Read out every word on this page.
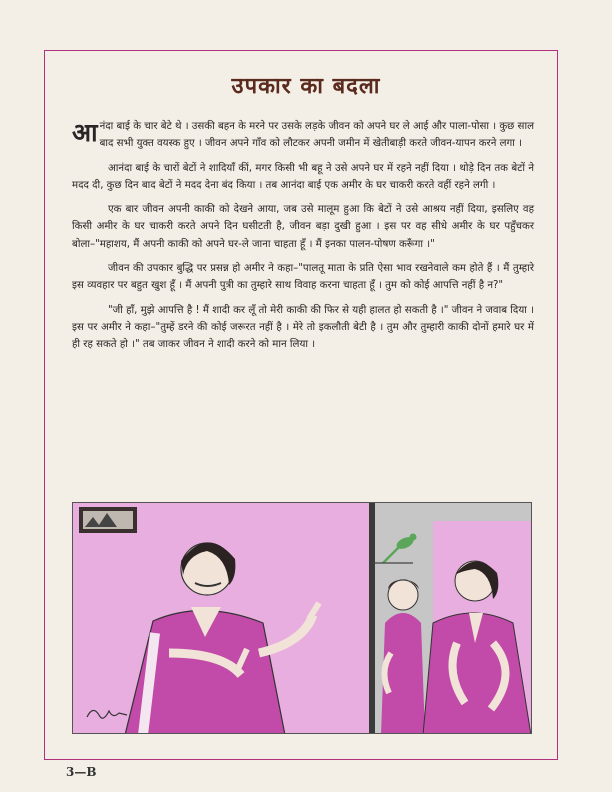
उपकार का बदला

आनंदा बाई के चार बेटे थे । उसकी बहन के मरने पर उसके लड़के जीवन को अपने घर ले आई और पाला-पोसा । कुछ साल बाद सभी युक्त वयस्क हुए । जीवन अपने गाँव को लौटकर अपनी जमीन में खेतीबाड़ी करते जीवन-यापन करने लगा ।

आनंदा बाई के चारों बेटों ने शादियाँ कीं, मगर किसी भी बहू ने उसे अपने घर में रहने नहीं दिया । थोड़े दिन तक बेटों ने मदद दी, कुछ दिन बाद बेटों ने मदद देना बंद किया । तब आनंदा बाई एक अमीर के घर चाकरी करते वहीं रहने लगी ।

एक बार जीवन अपनी काकी को देखने आया, जब उसे मालूम हुआ कि बेटों ने उसे आश्रय नहीं दिया, इसलिए वह किसी अमीर के घर चाकरी करते अपने दिन घसीटती है, जीवन बड़ा दुखी हुआ । इस पर वह सीधे अमीर के घर पहुँचकर बोला–"महाशय, मैं अपनी काकी को अपने घर-ले जाना चाहता हूँ । मैं इनका पालन-पोषण करूँगा ।"

जीवन की उपकार बुद्धि पर प्रसन्न हो अमीर ने कहा–"पालतू माता के प्रति ऐसा भाव रखनेवाले कम होते हैं । मैं तुम्हारे इस व्यवहार पर बहुत खुश हूँ । मैं अपनी पुत्री का तुम्हारे साथ विवाह करना चाहता हूँ । तुम को कोई आपत्ति नहीं है न?"

"जी हाँ, मुझे आपत्ति है ! मैं शादी कर लूँ तो मेरी काकी की फिर से यही हालत हो सकती है ।" जीवन ने जवाब दिया । इस पर अमीर ने कहा–"तुम्हें डरने की कोई जरूरत नहीं है । मेरे तो इकलौती बेटी है । तुम और तुम्हारी काकी दोनों हमारे घर में ही रह सकते हो ।" तब जाकर जीवन ने शादी करने को मान लिया ।

3—B
